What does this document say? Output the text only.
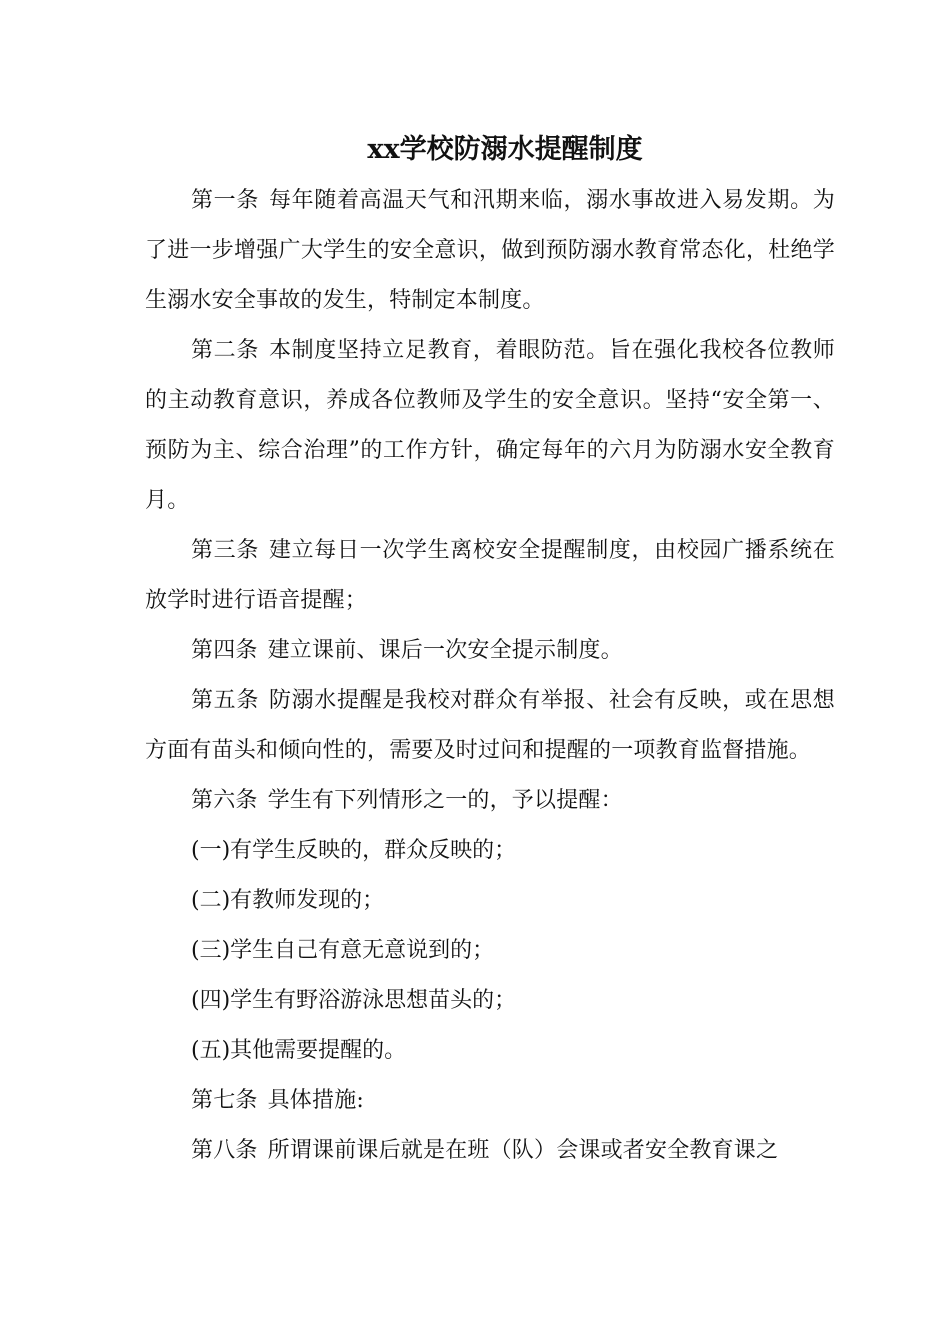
xx学校防溺水提醒制度

第一条 每年随着高温天气和汛期来临，溺水事故进入易发期。为了进一步增强广大学生的安全意识，做到预防溺水教育常态化，杜绝学生溺水安全事故的发生，特制定本制度。

第二条 本制度坚持立足教育，着眼防范。旨在强化我校各位教师的主动教育意识，养成各位教师及学生的安全意识。坚持“安全第一、预防为主、综合治理”的工作方针，确定每年的六月为防溺水安全教育月。

第三条 建立每日一次学生离校安全提醒制度，由校园广播系统在放学时进行语音提醒；

第四条 建立课前、课后一次安全提示制度。

第五条 防溺水提醒是我校对群众有举报、社会有反映，或在思想方面有苗头和倾向性的，需要及时过问和提醒的一项教育监督措施。

第六条 学生有下列情形之一的，予以提醒：

(一)有学生反映的，群众反映的；

(二)有教师发现的；

(三)学生自己有意无意说到的；

(四)学生有野浴游泳思想苗头的；

(五)其他需要提醒的。

第七条 具体措施:

第八条 所谓课前课后就是在班（队）会课或者安全教育课之
